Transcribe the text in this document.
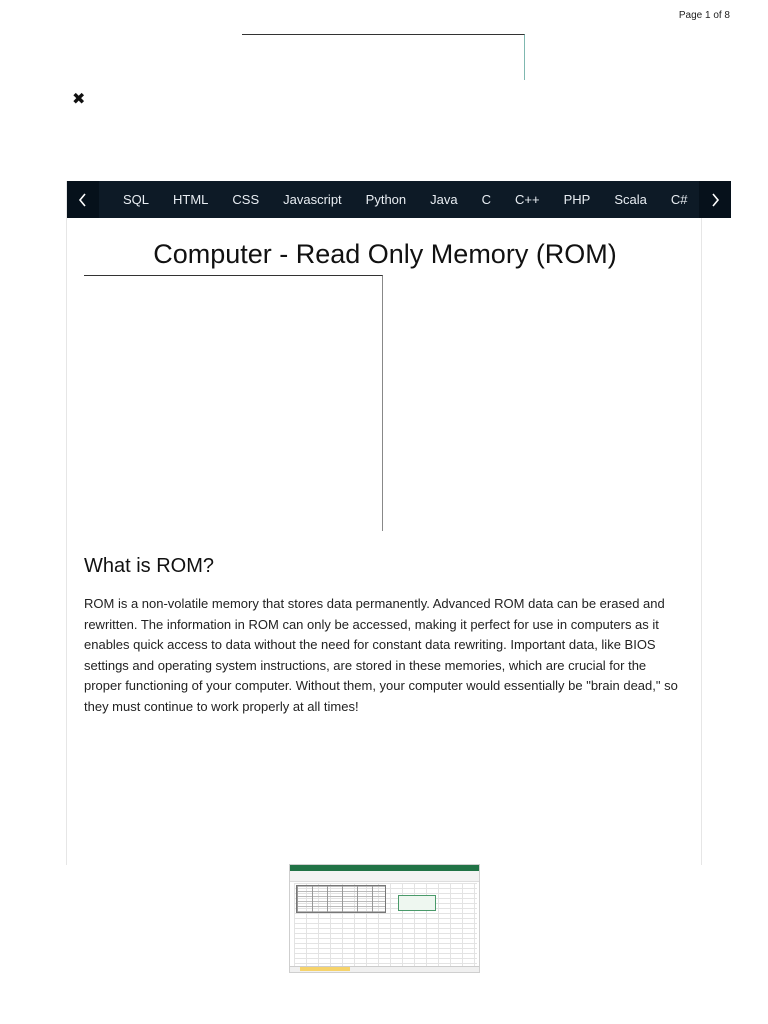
Page 1 of 8
✖
SQL	HTML	CSS	Javascript	Python	Java	C	C++	PHP	Scala	C#
Computer - Read Only Memory (ROM)
What is ROM?

ROM is a non-volatile memory that stores data permanently. Advanced ROM data can be erased and rewritten. The information in ROM can only be accessed, making it perfect for use in computers as it enables quick access to data without the need for constant data rewriting. Important data, like BIOS settings and operating system instructions, are stored in these memories, which are crucial for the proper functioning of your computer. Without them, your computer would essentially be "brain dead," so they must continue to work properly at all times!
